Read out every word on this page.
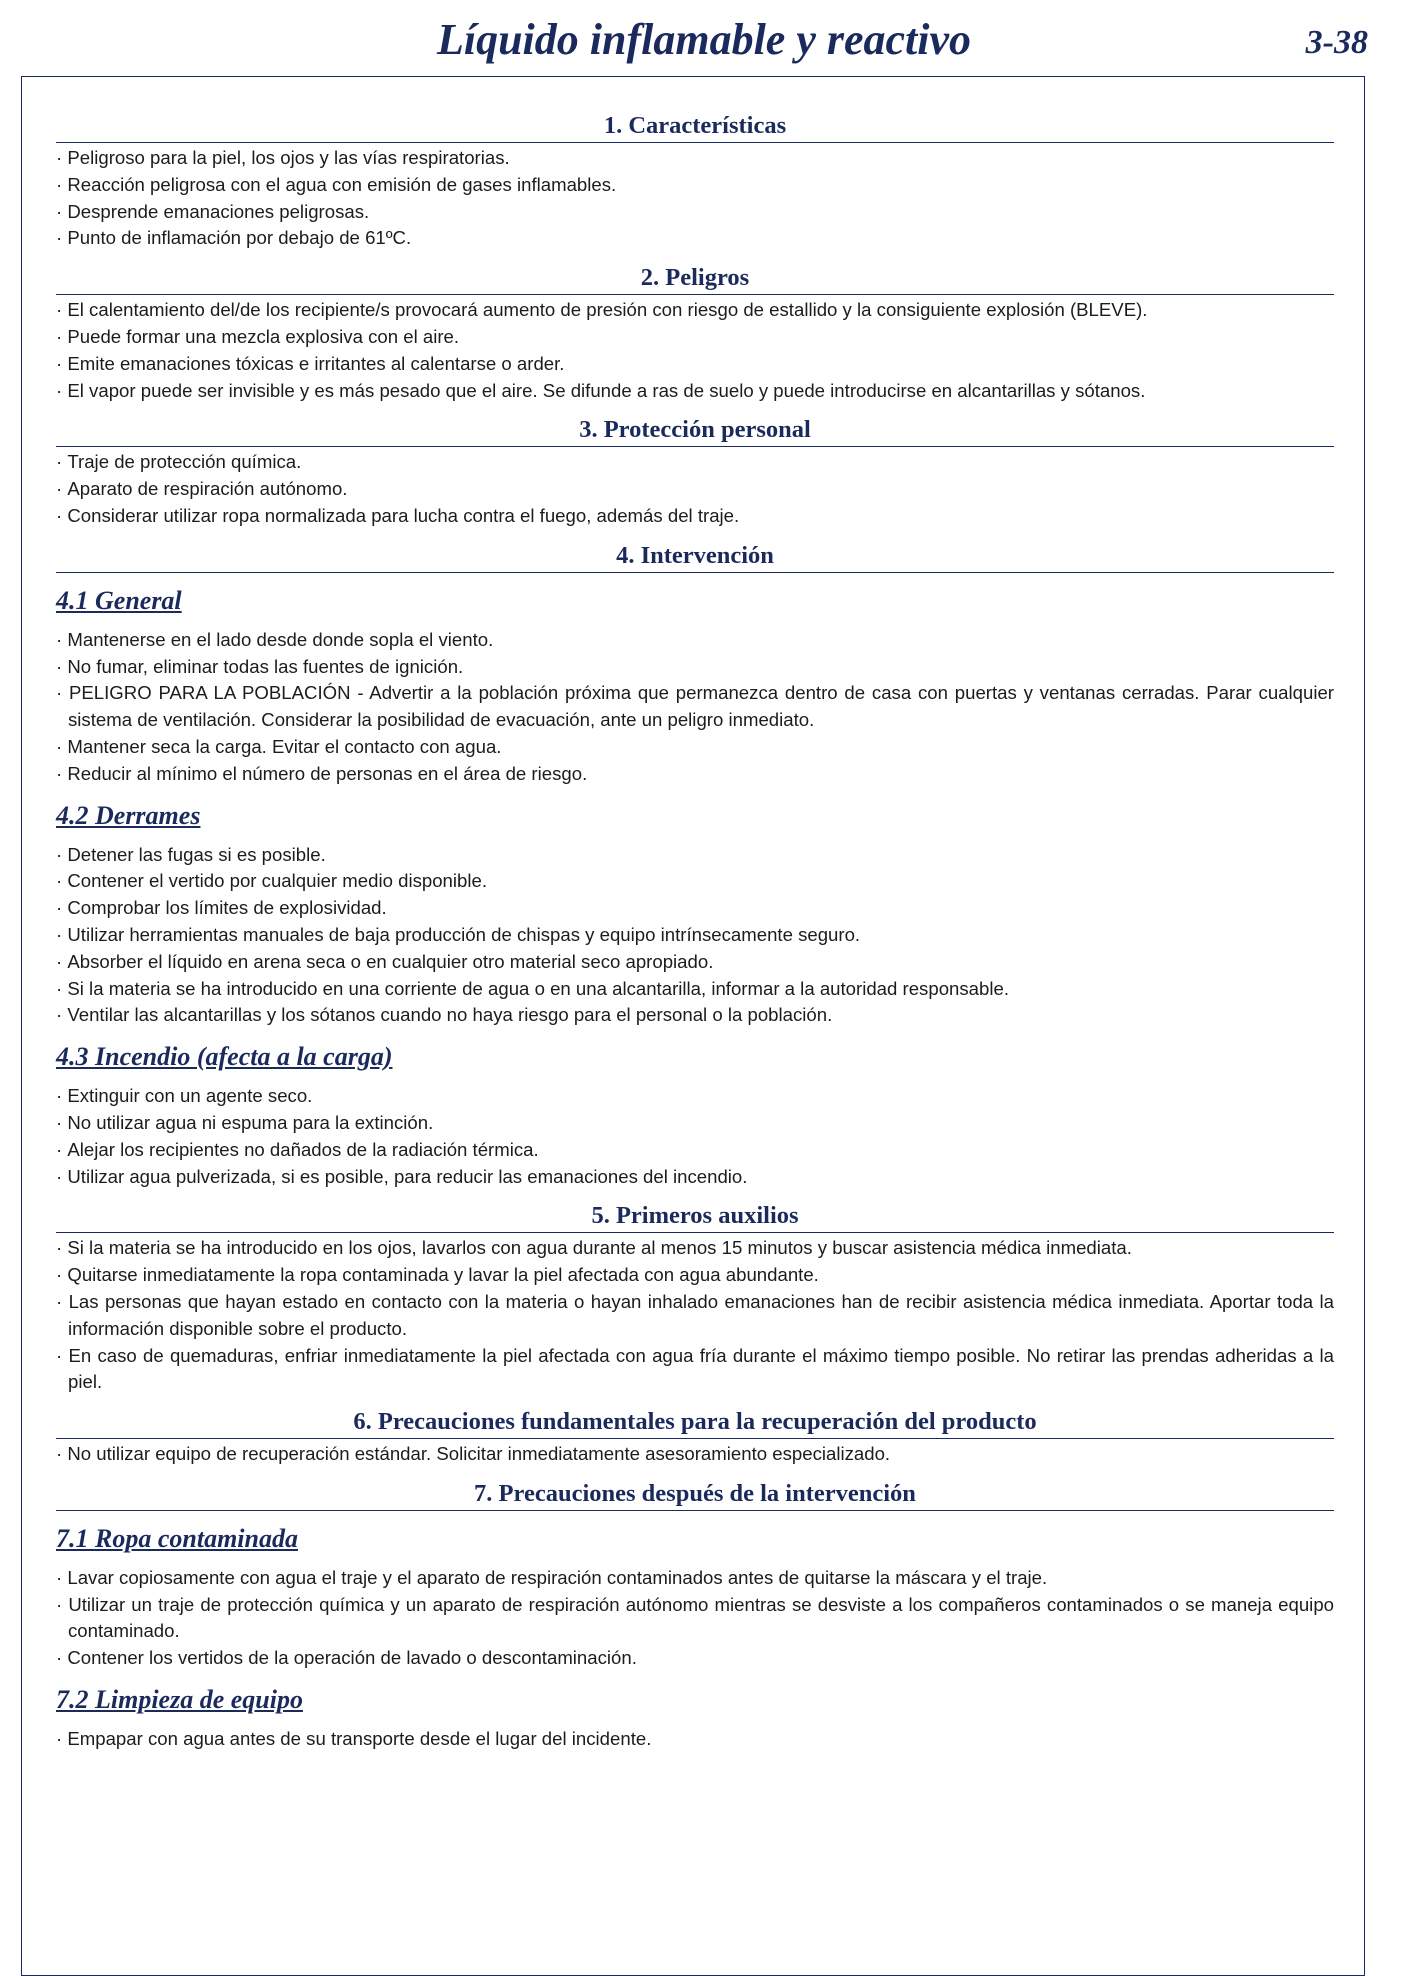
Líquido inflamable y reactivo	3-38
1. Características
· Peligroso para la piel, los ojos y las vías respiratorias.
· Reacción peligrosa con el agua con emisión de gases inflamables.
· Desprende emanaciones peligrosas.
· Punto de inflamación por debajo de 61ºC.
2. Peligros
· El calentamiento del/de los recipiente/s provocará aumento de presión con riesgo de estallido y la consiguiente explosión (BLEVE).
· Puede formar una mezcla explosiva con el aire.
· Emite emanaciones tóxicas e irritantes al calentarse o arder.
· El vapor puede ser invisible y es más pesado que el aire. Se difunde a ras de suelo y puede introducirse en alcantarillas y sótanos.
3. Protección personal
· Traje de protección química.
· Aparato de respiración autónomo.
· Considerar utilizar ropa normalizada para lucha contra el fuego, además del traje.
4. Intervención
4.1 General
· Mantenerse en el lado desde donde sopla el viento.
· No fumar, eliminar todas las fuentes de ignición.
· PELIGRO PARA LA POBLACIÓN - Advertir a la población próxima que permanezca dentro de casa con puertas y ventanas cerradas. Parar cualquier sistema de ventilación. Considerar la posibilidad de evacuación, ante un peligro inmediato.
· Mantener seca la carga. Evitar el contacto con agua.
· Reducir al mínimo el número de personas en el área de riesgo.
4.2 Derrames
· Detener las fugas si es posible.
· Contener el vertido por cualquier medio disponible.
· Comprobar los límites de explosividad.
· Utilizar herramientas manuales de baja producción de chispas y equipo intrínsecamente seguro.
· Absorber el líquido en arena seca o en cualquier otro material seco apropiado.
· Si la materia se ha introducido en una corriente de agua o en una alcantarilla, informar a la autoridad responsable.
· Ventilar las alcantarillas y los sótanos cuando no haya riesgo para el personal o la población.
4.3 Incendio (afecta a la carga)
· Extinguir con un agente seco.
· No utilizar agua ni espuma para la extinción.
· Alejar los recipientes no dañados de la radiación térmica.
· Utilizar agua pulverizada, si es posible, para reducir las emanaciones del incendio.
5. Primeros auxilios
· Si la materia se ha introducido en los ojos, lavarlos con agua durante al menos 15 minutos y buscar asistencia médica inmediata.
· Quitarse inmediatamente la ropa contaminada y lavar la piel afectada con agua abundante.
· Las personas que hayan estado en contacto con la materia o hayan inhalado emanaciones han de recibir asistencia médica inmediata. Aportar toda la información disponible sobre el producto.
· En caso de quemaduras, enfriar inmediatamente la piel afectada con agua fría durante el máximo tiempo posible. No retirar las prendas adheridas a la piel.
6. Precauciones fundamentales para la recuperación del producto
· No utilizar equipo de recuperación estándar. Solicitar inmediatamente asesoramiento especializado.
7. Precauciones después de la intervención
7.1 Ropa contaminada
· Lavar copiosamente con agua el traje y el aparato de respiración contaminados antes de quitarse la máscara y el traje.
· Utilizar un traje de protección química y un aparato de respiración autónomo mientras se desviste a los compañeros contaminados o se maneja equipo contaminado.
· Contener los vertidos de la operación de lavado o descontaminación.
7.2 Limpieza de equipo
· Empapar con agua antes de su transporte desde el lugar del incidente.
